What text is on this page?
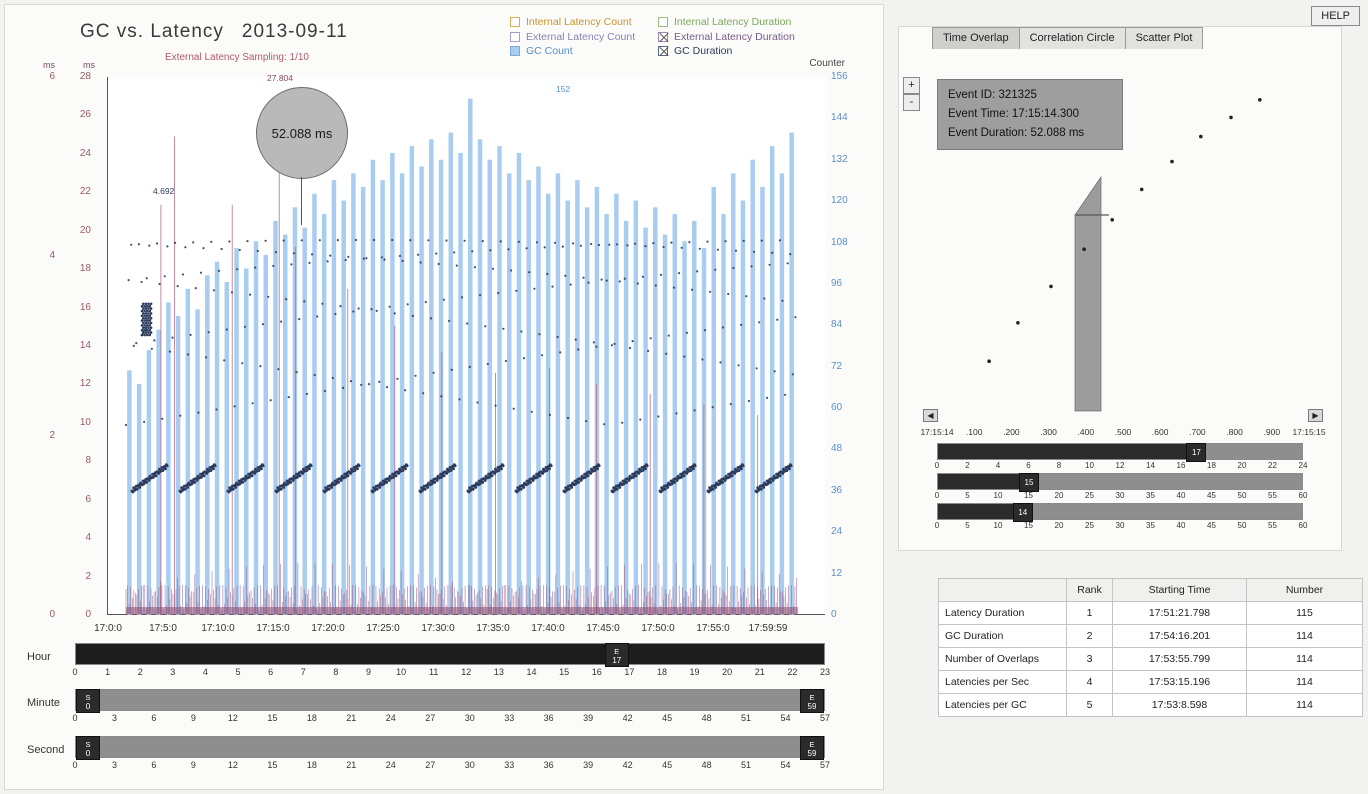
HELP
GC vs. Latency 2013-09-11
External Latency Sampling: 1/10
Internal Latency Count
External Latency Count
GC Count
Internal Latency Duration
External Latency Duration
GC Duration
Counter
ms	ms
6
4
2
0
28
26
24
22
20
18
16
14
12
10
8
6
4
2
0
156
144
132
120
108
96
84
72
60
48
36
24
12
0
52.088 ms
27.804
4.692
152
17:0:0	17:5:0	17:10:0	17:15:0	17:20:0	17:25:0	17:30:0	17:35:0	17:40:0	17:45:0	17:50:0	17:55:0	17:59:59
Hour	E
17
0	1	2	3	4	5	6	7	8	9	10	11	12	13	14	15	16	17	18	19	20	21	22	23
Minute	S
0
E
59
0	3	6	9	12	15	18	21	24	27	30	33	36	39	42	45	48	51	54	57
Second	S
0
E
59
0	3	6	9	12	15	18	21	24	27	30	33	36	39	42	45	48	51	54	57
Time Overlap	Correlation Circle	Scatter Plot
+
-
Event ID: 321325
Event Time: 17:15:14.300
Event Duration: 52.088 ms
◀	▶
17:15:14 .100 .200 .300 .400 .500 .600 .700 .800 .900 17:15:15
17
0	2	4	6	8	10	12	14	16	18	20	22	24
15
0	5	10	15	20	25	30	35	40	45	50	55	60
14
0	5	10	15	20	25	30	35	40	45	50	55	60
	Rank	Starting Time	Number
Latency Duration	1	17:51:21.798	115
GC Duration	2	17:54:16.201	114
Number of Overlaps	3	17:53:55.799	114
Latencies per Sec	4	17:53:15.196	114
Latencies per GC	5	17:53:8.598	114
